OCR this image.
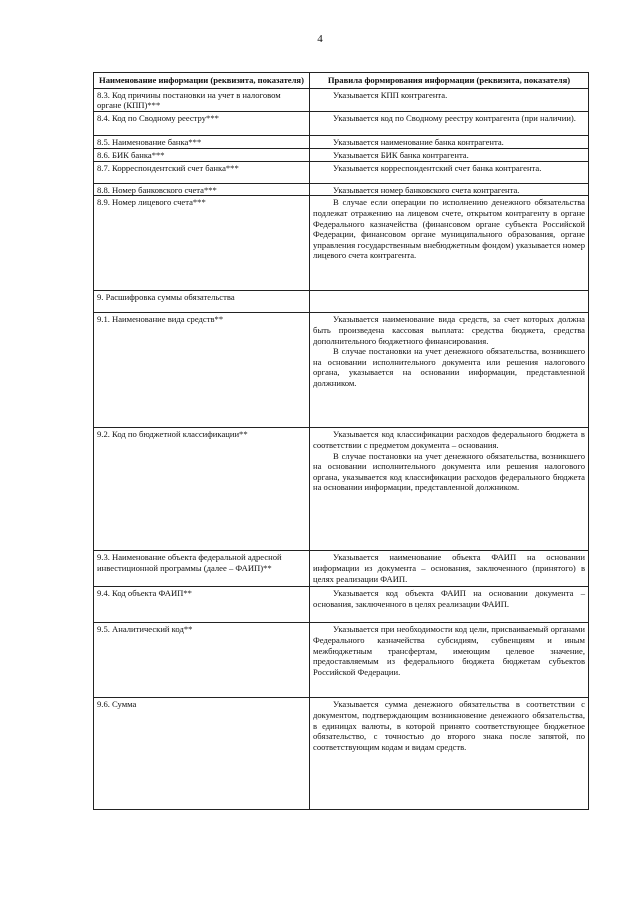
4
Наименование информации (реквизита, показателя)	Правила формирования информации (реквизита, показателя)
8.3. Код причины постановки на учет в налоговом органе (КПП)***	Указывается КПП контрагента.

8.4. Код по Сводному реестру***	Указывается код по Сводному реестру контрагента (при наличии).

8.5. Наименование банка***	Указывается наименование банка контрагента.

8.6. БИК банка***	Указывается БИК банка контрагента.

8.7. Корреспондентский счет банка***	Указывается корреспондентский счет банка контрагента.

8.8. Номер банковского счета***	Указывается номер банковского счета контрагента.

8.9. Номер лицевого счета***	В случае если операции по исполнению денежного обязательства подлежат отражению на лицевом счете, открытом контрагенту в органе Федерального казначейства (финансовом органе субъекта Российской Федерации, финансовом органе муниципального образования, органе управления государственным внебюджетным фондом) указывается номер лицевого счета контрагента.

9. Расшифровка суммы обязательства	

9.1. Наименование вида средств**	Указывается наименование вида средств, за счет которых должна быть произведена кассовая выплата: средства бюджета, средства дополнительного бюджетного финансирования.
В случае постановки на учет денежного обязательства, возникшего на основании исполнительного документа или решения налогового органа, указывается на основании информации, представленной должником.

9.2. Код по бюджетной классификации**	Указывается код классификации расходов федерального бюджета в соответствии с предметом документа – основания.
В случае постановки на учет денежного обязательства, возникшего на основании исполнительного документа или решения налогового органа, указывается код классификации расходов федерального бюджета на основании информации, представленной должником.

9.3. Наименование объекта федеральной адресной инвестиционной программы (далее – ФАИП)**	Указывается наименование объекта ФАИП на основании информации из документа – основания, заключенного (принятого) в целях реализации ФАИП.

9.4. Код объекта ФАИП**	Указывается код объекта ФАИП на основании документа – основания, заключенного в целях реализации ФАИП.

9.5. Аналитический код**	Указывается при необходимости код цели, присваиваемый органами Федерального казначейства субсидиям, субвенциям и иным межбюджетным трансфертам, имеющим целевое значение, предоставляемым из федерального бюджета бюджетам субъектов Российской Федерации.

9.6. Сумма	Указывается сумма денежного обязательства в соответствии с документом, подтверждающим возникновение денежного обязательства, в единицах валюты, в которой принято соответствующее бюджетное обязательство, с точностью до второго знака после запятой, по соответствующим кодам и видам средств.
